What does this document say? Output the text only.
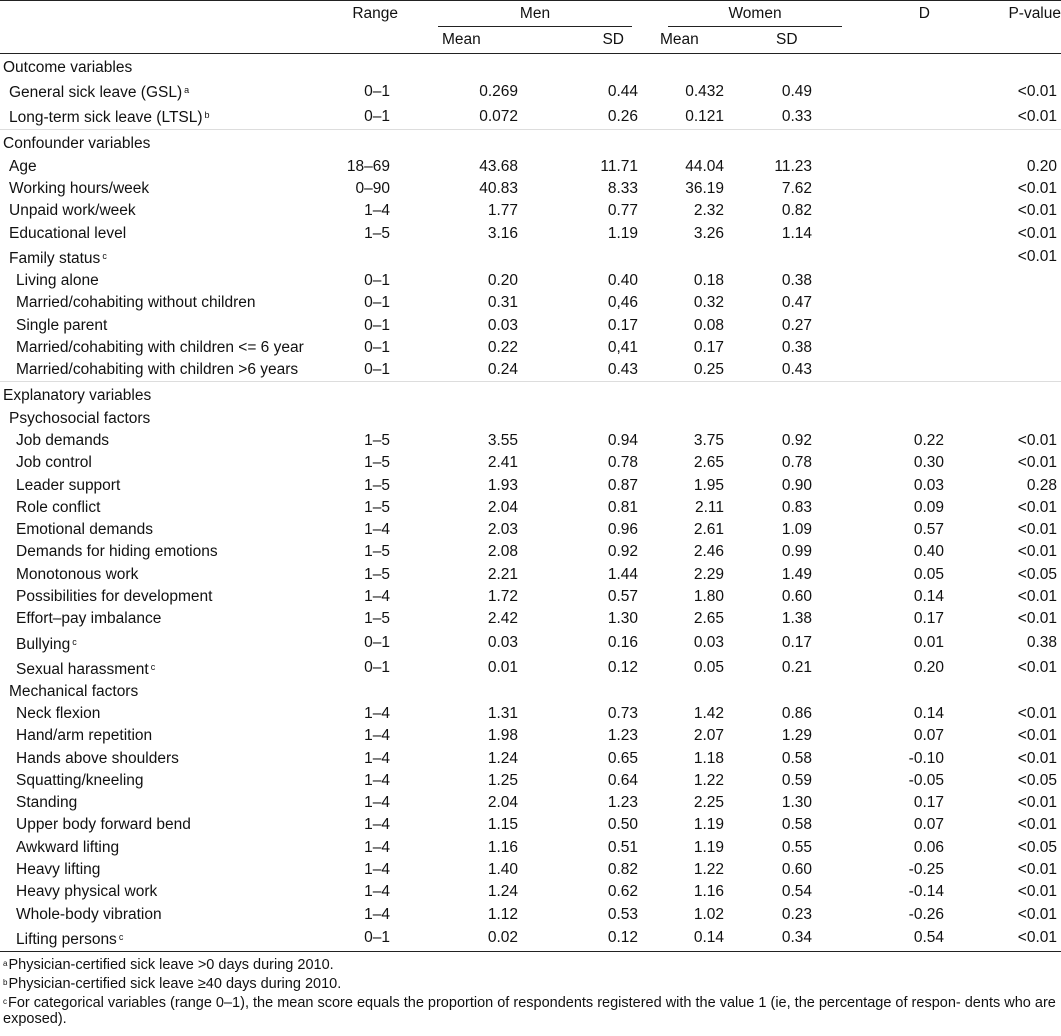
	Range	Men		Women		D	P-value
		Mean	SD	Mean	SD		
Outcome variables							
General sick leave (GSL) $^a$	0–1	0.269	0.44	0.432	0.49		<0.01
Long-term sick leave (LTSL) $^b$	0–1	0.072	0.26	0.121	0.33		<0.01
Confounder variables							
Age	18–69	43.68	11.71	44.04	11.23		0.20
Working hours/week	0–90	40.83	8.33	36.19	7.62		<0.01
Unpaid work/week	1–4	1.77	0.77	2.32	0.82		<0.01
Educational level	1–5	3.16	1.19	3.26	1.14		<0.01
Family status $^c$							<0.01
Living alone	0–1	0.20	0.40	0.18	0.38		
Married/cohabiting without children	0–1	0.31	0,46	0.32	0.47		
Single parent	0–1	0.03	0.17	0.08	0.27		
Married/cohabiting with children <= 6 year	0–1	0.22	0,41	0.17	0.38		
Married/cohabiting with children >6 years	0–1	0.24	0.43	0.25	0.43		
Explanatory variables							
Psychosocial factors							
Job demands	1–5	3.55	0.94	3.75	0.92	0.22	<0.01
Job control	1–5	2.41	0.78	2.65	0.78	0.30	<0.01
Leader support	1–5	1.93	0.87	1.95	0.90	0.03	0.28
Role conflict	1–5	2.04	0.81	2.11	0.83	0.09	<0.01
Emotional demands	1–4	2.03	0.96	2.61	1.09	0.57	<0.01
Demands for hiding emotions	1–5	2.08	0.92	2.46	0.99	0.40	<0.01
Monotonous work	1–5	2.21	1.44	2.29	1.49	0.05	<0.05
Possibilities for development	1–4	1.72	0.57	1.80	0.60	0.14	<0.01
Effort–pay imbalance	1–5	2.42	1.30	2.65	1.38	0.17	<0.01
Bullying $^c$	0–1	0.03	0.16	0.03	0.17	0.01	0.38
Sexual harassment $^c$	0–1	0.01	0.12	0.05	0.21	0.20	<0.01
Mechanical factors							
Neck flexion	1–4	1.31	0.73	1.42	0.86	0.14	<0.01
Hand/arm repetition	1–4	1.98	1.23	2.07	1.29	0.07	<0.01
Hands above shoulders	1–4	1.24	0.65	1.18	0.58	-0.10	<0.01
Squatting/kneeling	1–4	1.25	0.64	1.22	0.59	-0.05	<0.05
Standing	1–4	2.04	1.23	2.25	1.30	0.17	<0.01
Upper body forward bend	1–4	1.15	0.50	1.19	0.58	0.07	<0.01
Awkward lifting	1–4	1.16	0.51	1.19	0.55	0.06	<0.05
Heavy lifting	1–4	1.40	0.82	1.22	0.60	-0.25	<0.01
Heavy physical work	1–4	1.24	0.62	1.16	0.54	-0.14	<0.01
Whole-body vibration	1–4	1.12	0.53	1.02	0.23	-0.26	<0.01
Lifting persons $^c$	0–1	0.02	0.12	0.14	0.34	0.54	<0.01

$^a$Physician-certified sick leave >0 days during 2010.

$^b$Physician-certified sick leave ≥40 days during 2010.

$^c$For categorical variables (range 0–1), the mean score equals the proportion of respondents registered with the value 1 (ie, the percentage of respon- dents who are exposed).
